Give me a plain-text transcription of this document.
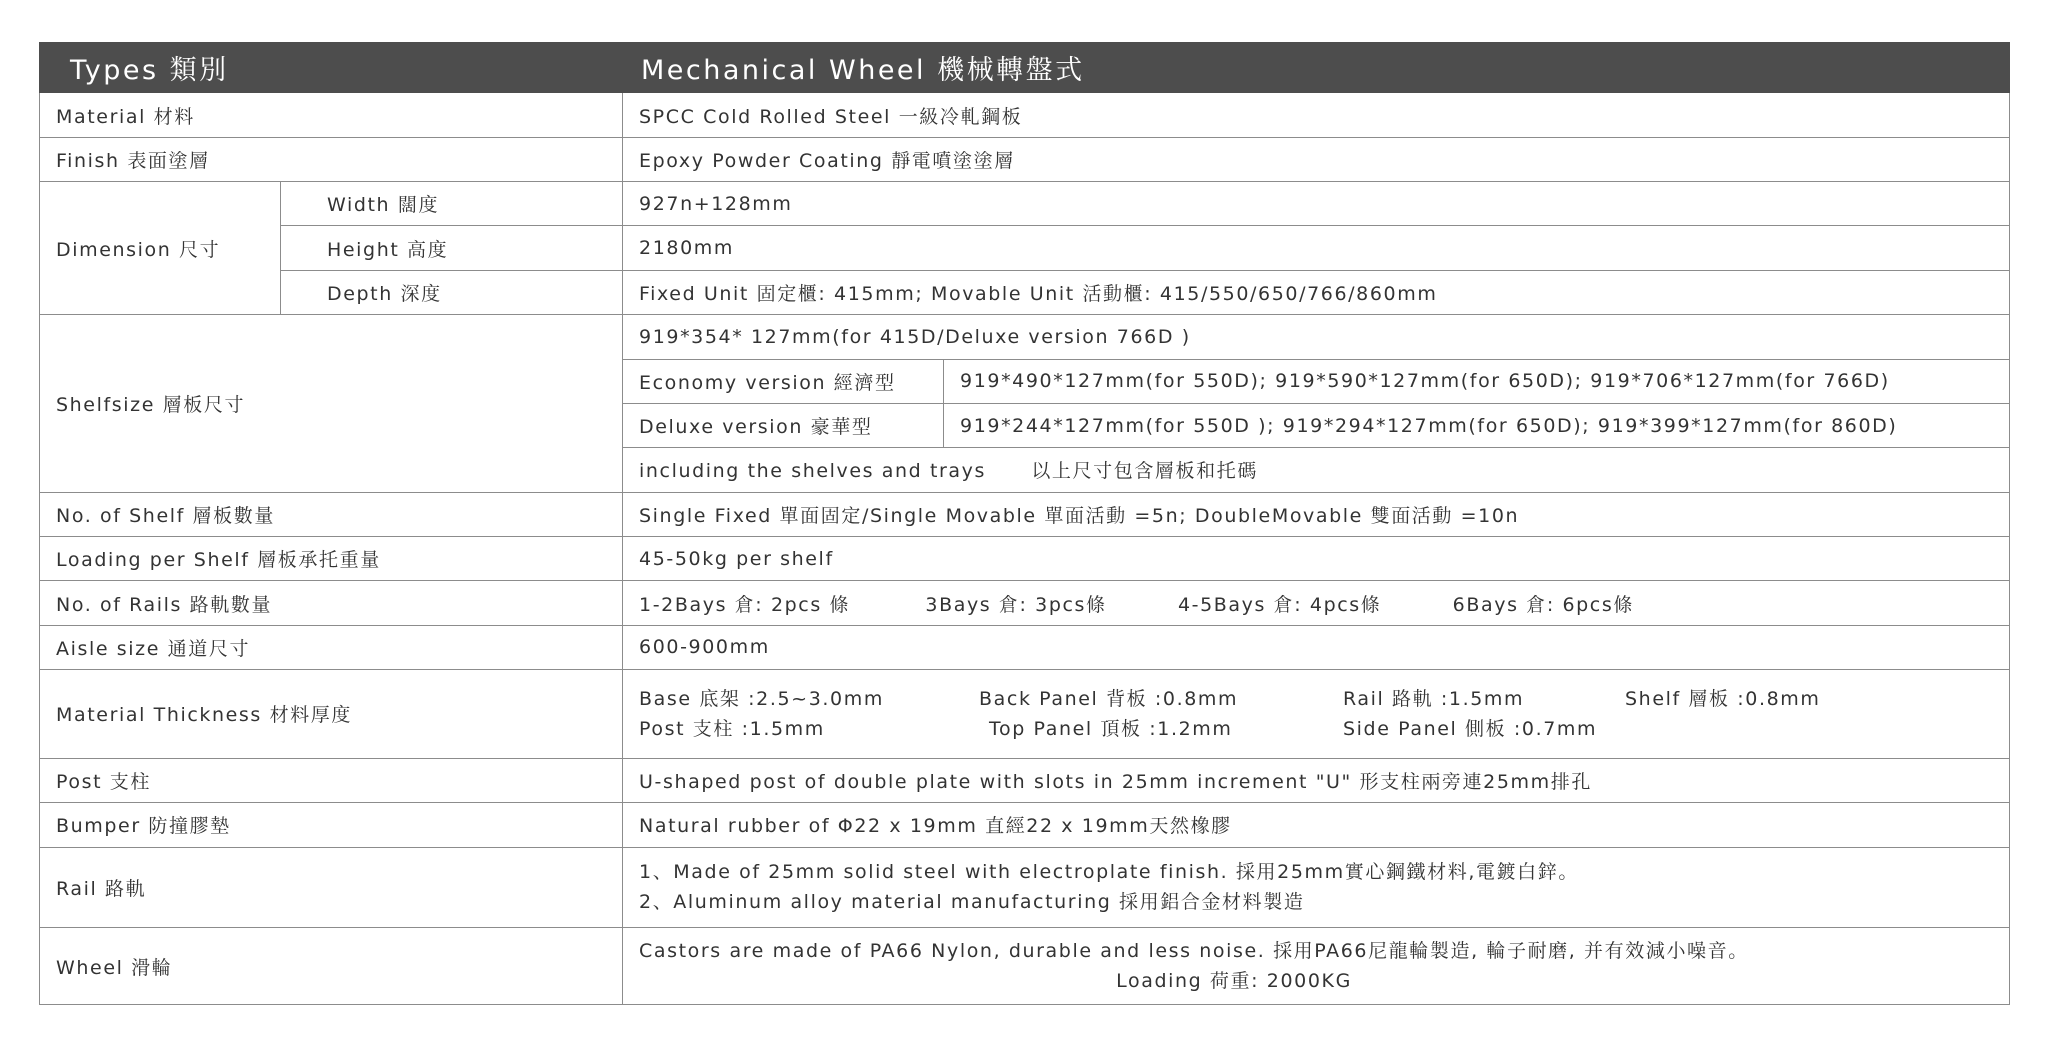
Types 類別		Mechanical Wheel 機械轉盤式	
Material 材料		SPCC Cold Rolled Steel 一級冷軋鋼板	
Finish 表面塗層		Epoxy Powder Coating 靜電噴塗塗層	
Dimension 尺寸	Width 闊度	927n+128mm	
	Height 高度	2180mm	
	Depth 深度	Fixed Unit 固定櫃: 415mm; Movable Unit 活動櫃: 415/550/650/766/860mm	
Shelfsize 層板尺寸		919*354* 127mm(for 415D/Deluxe version 766D )	
		Economy version 經濟型	919*490*127mm(for 550D); 919*590*127mm(for 650D); 919*706*127mm(for 766D)
		Deluxe version 豪華型	919*244*127mm(for 550D ); 919*294*127mm(for 650D); 919*399*127mm(for 860D)
		including the shelves and trays 以上尺寸包含層板和托碼	
No. of Shelf 層板數量		Single Fixed 單面固定/Single Movable 單面活動 =5n; DoubleMovable 雙面活動 =10n	
Loading per Shelf 層板承托重量		45-50kg per shelf	
No. of Rails 路軌數量		1-2Bays 倉: 2pcs 條 3Bays 倉: 3pcs條 4-5Bays 倉: 4pcs條 6Bays 倉: 6pcs條	
Aisle size 通道尺寸		600-900mm	
Material Thickness 材料厚度		Base 底架 :2.5~3.0mm Back Panel 背板 :0.8mm Rail 路軌 :1.5mm Shelf 層板 :0.8mm
Post 支柱 :1.5mm Top Panel 頂板 :1.2mm Side Panel 側板 :0.7mm	

Post 支柱		U-shaped post of double plate with slots in 25mm increment "U" 形支柱兩旁連25mm排孔	
Bumper 防撞膠墊		Natural rubber of Φ22 x 19mm 直經22 x 19mm天然橡膠	
Rail 路軌		1、Made of 25mm solid steel with electroplate finish. 採用25mm實心鋼鐵材料,電鍍白鋅。
2、Aluminum alloy material manufacturing 採用鋁合金材料製造	

Wheel 滑輪		Castors are made of PA66 Nylon, durable and less noise. 採用PA66尼龍輪製造, 輪子耐磨, 并有效減小噪音。
Loading 荷重: 2000KG	
